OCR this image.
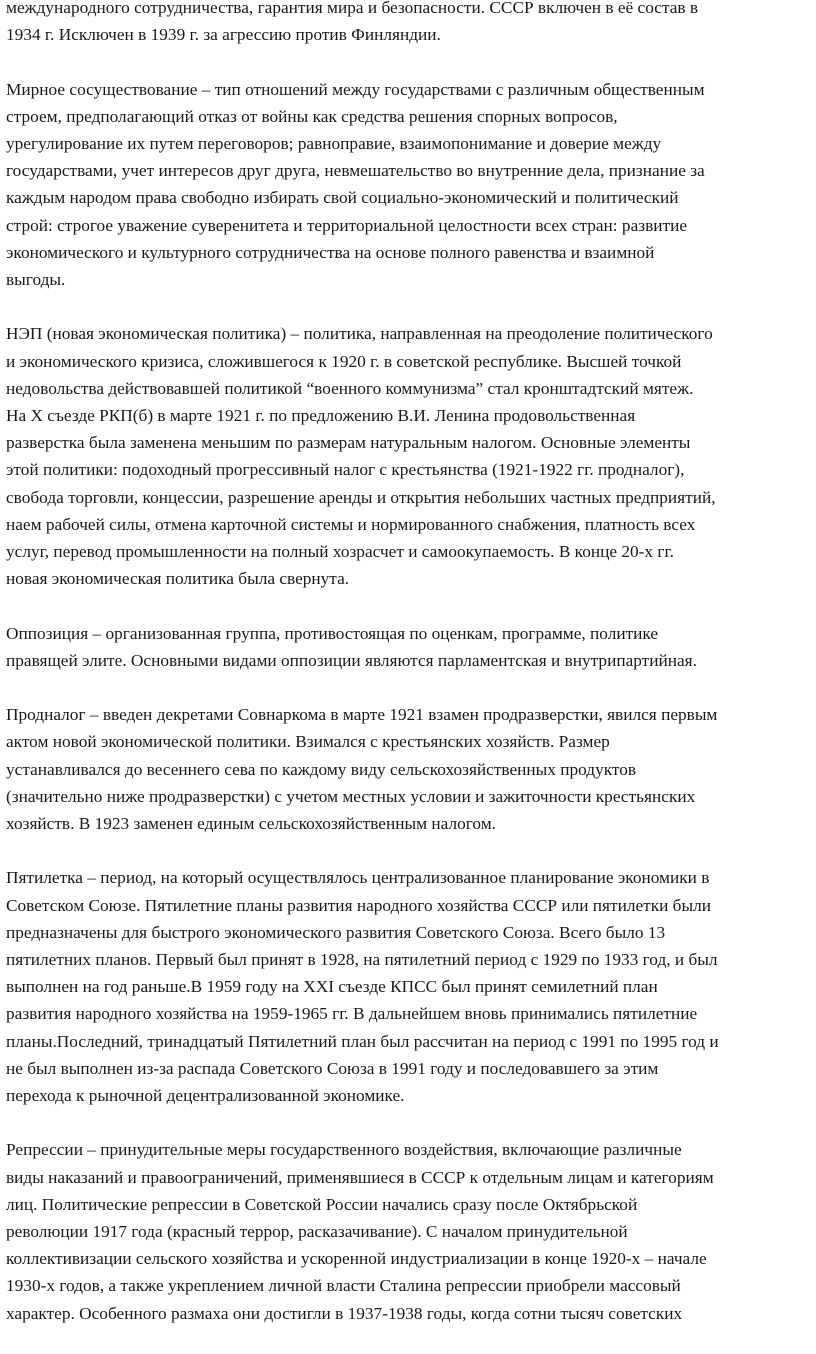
международного сотрудничества, гарантия мира и безопасности. СССР включен в её состав в
1934 г. Исключен в 1939 г. за агрессию против Финляндии.
Мирное сосуществование – тип отношений между государствами с различным общественным
строем, предполагающий отказ от войны как средства решения спорных вопросов,
урегулирование их путем переговоров; равноправие, взаимопонимание и доверие между
государствами, учет интересов друг друга, невмешательство во внутренние дела, признание за
каждым народом права свободно избирать свой социально-экономический и политический
строй: строгое уважение суверенитета и территориальной целостности всех стран: развитие
экономического и культурного сотрудничества на основе полного равенства и взаимной
выгоды.
НЭП (новая экономическая политика) – политика, направленная на преодоление политического
и экономического кризиса, сложившегося к 1920 г. в советской республике. Высшей точкой
недовольства действовавшей политикой “военного коммунизма” стал кронштадтский мятеж.
На X съезде РКП(б) в марте 1921 г. по предложению В.И. Ленина продовольственная
разверстка была заменена меньшим по размерам натуральным налогом. Основные элементы
этой политики: подоходный прогрессивный налог с крестьянства (1921-1922 гг. продналог),
свобода торговли, концессии, разрешение аренды и открытия небольших частных предприятий,
наем рабочей силы, отмена карточной системы и нормированного снабжения, платность всех
услуг, перевод промышленности на полный хозрасчет и самоокупаемость. В конце 20-х гг.
новая экономическая политика была свернута.
Оппозиция – организованная группа, противостоящая по оценкам, программе, политике
правящей элите. Основными видами оппозиции являются парламентская и внутрипартийная.
Продналог – введен декретами Совнаркома в марте 1921 взамен продразверстки, явился первым
актом новой экономической политики. Взимался с крестьянских хозяйств. Размер
устанавливался до весеннего сева по каждому виду сельскохозяйственных продуктов
(значительно ниже продразверстки) с учетом местных условии и зажиточности крестьянских
хозяйств. В 1923 заменен единым сельскохозяйственным налогом.
Пятилетка – период, на который осуществлялось централизованное планирование экономики в
Советском Союзе. Пятилетние планы развития народного хозяйства СССР или пятилетки были
предназначены для быстрого экономического развития Советского Союза. Всего было 13
пятилетних планов. Первый был принят в 1928, на пятилетний период с 1929 по 1933 год, и был
выполнен на год раньше.В 1959 году на XXI съезде КПСС был принят семилетний план
развития народного хозяйства на 1959-1965 гг. В дальнейшем вновь принимались пятилетние
планы.Последний, тринадцатый Пятилетний план был рассчитан на период с 1991 по 1995 год и
не был выполнен из-за распада Советского Союза в 1991 году и последовавшего за этим
перехода к рыночной децентрализованной экономике.
Репрессии – принудительные меры государственного воздействия, включающие различные
виды наказаний и правоограничений, применявшиеся в СССР к отдельным лицам и категориям
лиц. Политические репрессии в Советской России начались сразу после Октябрьской
революции 1917 года (красный террор, расказачивание). С началом принудительной
коллективизации сельского хозяйства и ускоренной индустриализации в конце 1920-х – начале
1930-х годов, а также укреплением личной власти Сталина репрессии приобрели массовый
характер. Особенного размаха они достигли в 1937-1938 годы, когда сотни тысяч советских
